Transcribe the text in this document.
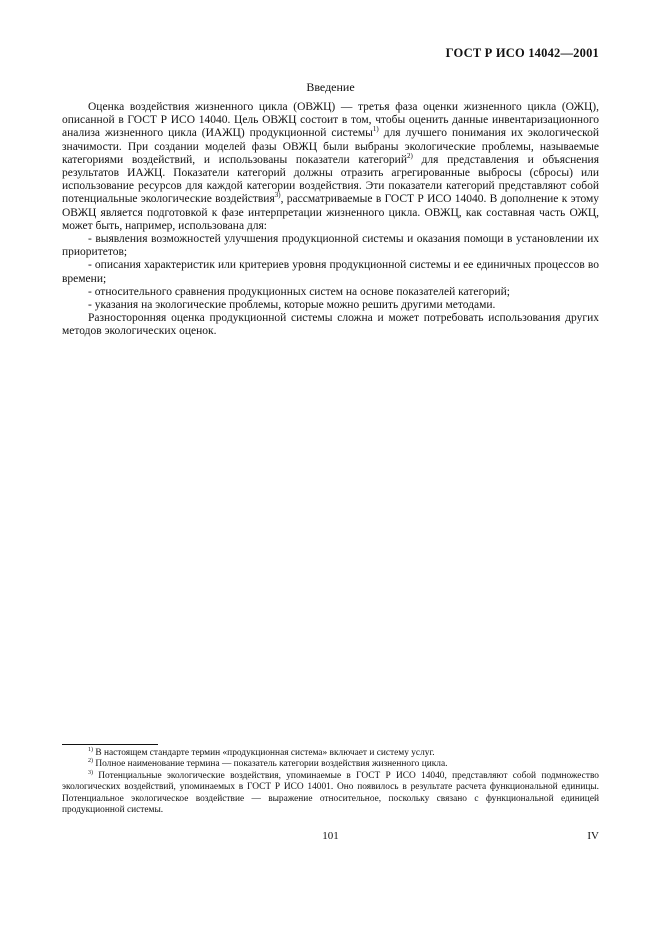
ГОСТ Р ИСО 14042—2001
Введение

Оценка воздействия жизненного цикла (ОВЖЦ) — третья фаза оценки жизненного цикла (ОЖЦ), описанной в ГОСТ Р ИСО 14040. Цель ОВЖЦ состоит в том, чтобы оценить данные инвентаризационного анализа жизненного цикла (ИАЖЦ) продукционной системы$^{1)}$ для лучшего понимания их экологической значимости. При создании моделей фазы ОВЖЦ были выбраны экологические проблемы, называемые категориями воздействий, и использованы показатели категорий$^{2)}$ для представления и объяснения результатов ИАЖЦ. Показатели категорий должны отразить агрегированные выбросы (сбросы) или использование ресурсов для каждой категории воздействия. Эти показатели категорий представляют собой потенциальные экологические воздействия$^{3)}$, рассматриваемые в ГОСТ Р ИСО 14040. В дополнение к этому ОВЖЦ является подготовкой к фазе интерпретации жизненного цикла. ОВЖЦ, как составная часть ОЖЦ, может быть, например, использована для:

- выявления возможностей улучшения продукционной системы и оказания помощи в установлении их приоритетов;

- описания характеристик или критериев уровня продукционной системы и ее единичных процессов во времени;

- относительного сравнения продукционных систем на основе показателей категорий;

- указания на экологические проблемы, которые можно решить другими методами.

Разносторонняя оценка продукционной системы сложна и может потребовать использования других методов экологических оценок.

$^{1)}$ В настоящем стандарте термин «продукционная система» включает и систему услуг.

$^{2)}$ Полное наименование термина — показатель категории воздействия жизненного цикла.

$^{3)}$ Потенциальные экологические воздействия, упоминаемые в ГОСТ Р ИСО 14040, представляют собой подмножество экологических воздействий, упоминаемых в ГОСТ Р ИСО 14001. Оно появилось в результате расчета функциональной единицы. Потенциальное экологическое воздействие — выражение относительное, поскольку связано с функциональной единицей продукционной системы.

101	IV
